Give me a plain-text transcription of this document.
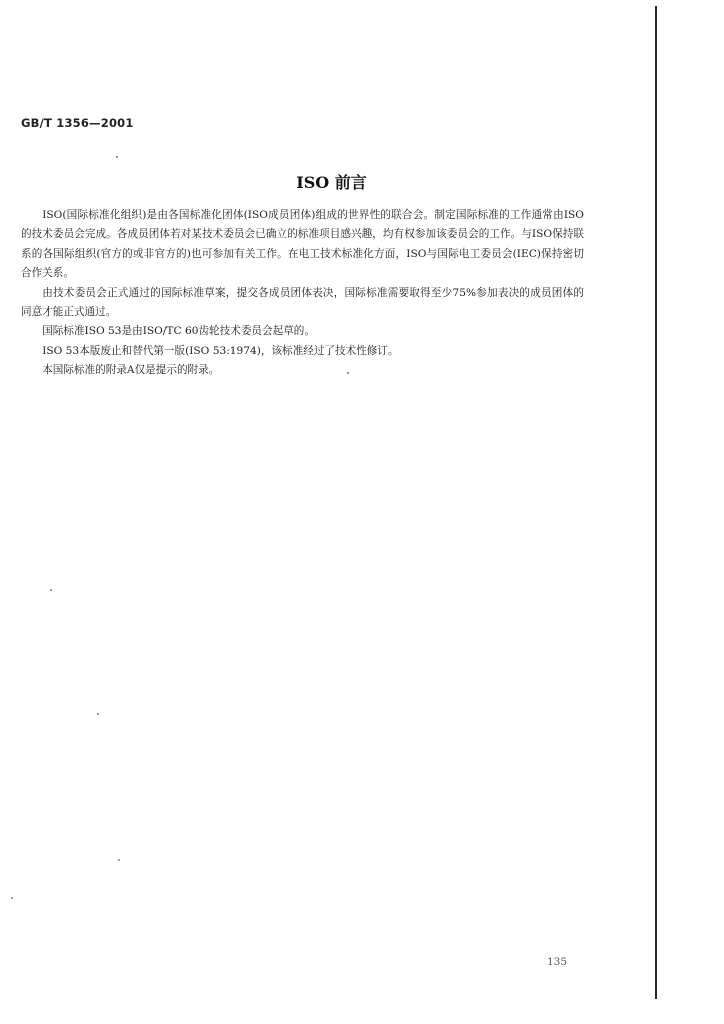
GB/T 1356—2001
ISO 前言

ISO(国际标准化组织)是由各国标准化团体(ISO成员团体)组成的世界性的联合会。制定国际标准的工作通常由ISO的技术委员会完成。各成员团体若对某技术委员会已确立的标准项目感兴趣，均有权参加该委员会的工作。与ISO保持联系的各国际组织(官方的或非官方的)也可参加有关工作。在电工技术标准化方面，ISO与国际电工委员会(IEC)保持密切合作关系。

由技术委员会正式通过的国际标准草案，提交各成员团体表决，国际标准需要取得至少75%参加表决的成员团体的同意才能正式通过。

国际标准ISO 53是由ISO/TC 60齿轮技术委员会起草的。

ISO 53本版废止和替代第一版(ISO 53:1974)，该标准经过了技术性修订。

本国际标准的附录A仅是提示的附录。

135
